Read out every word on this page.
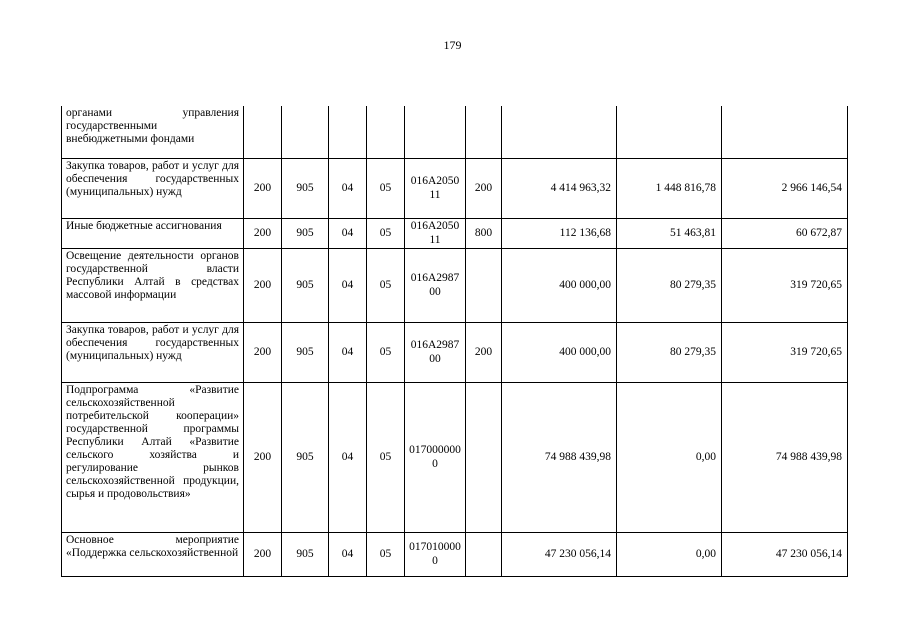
179
органами управления государственными внебюджетными фондами									
Закупка товаров, работ и услуг для обеспечения государственных (муниципальных) нужд	200	905	04	05	016А205011	200	4 414 963,32	1 448 816,78	2 966 146,54
Иные бюджетные ассигнования	200	905	04	05	016А205011	800	112 136,68	51 463,81	60 672,87
Освещение деятельности органов государственной власти Республики Алтай в средствах массовой информации	200	905	04	05	016А298700		400 000,00	80 279,35	319 720,65
Закупка товаров, работ и услуг для обеспечения государственных (муниципальных) нужд	200	905	04	05	016А298700	200	400 000,00	80 279,35	319 720,65
Подпрограмма «Развитие сельскохозяйственной потребительской кооперации» государственной программы Республики Алтай «Развитие сельского хозяйства и регулирование рынков сельскохозяйственной продукции, сырья и продовольствия»	200	905	04	05	0170000000		74 988 439,98	0,00	74 988 439,98
Основное мероприятие «Поддержка сельскохозяйственной	200	905	04	05	0170100000		47 230 056,14	0,00	47 230 056,14
